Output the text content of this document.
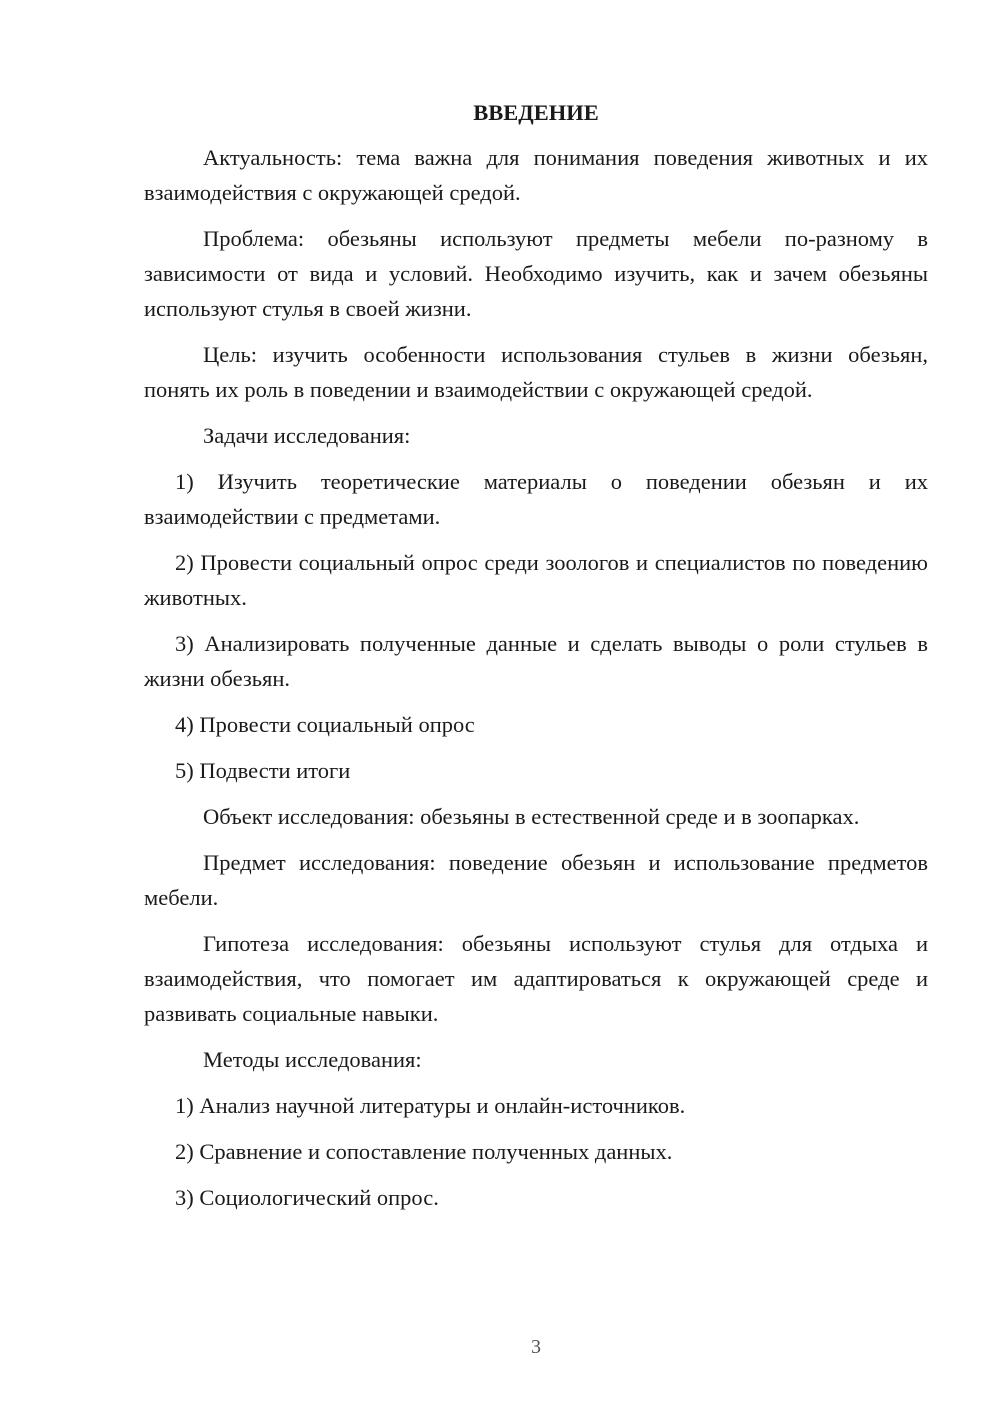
ВВЕДЕНИЕ

Актуальность: тема важна для понимания поведения животных и их взаимодействия с окружающей средой.

Проблема: обезьяны используют предметы мебели по-разному в зависимости от вида и условий. Необходимо изучить, как и зачем обезьяны используют стулья в своей жизни.

Цель: изучить особенности использования стульев в жизни обезьян, понять их роль в поведении и взаимодействии с окружающей средой.

Задачи исследования:

1) Изучить теоретические материалы о поведении обезьян и их взаимодействии с предметами.

2) Провести социальный опрос среди зоологов и специалистов по поведению животных.

3) Анализировать полученные данные и сделать выводы о роли стульев в жизни обезьян.

4) Провести социальный опрос

5) Подвести итоги

Объект исследования: обезьяны в естественной среде и в зоопарках.

Предмет исследования: поведение обезьян и использование предметов мебели.

Гипотеза исследования: обезьяны используют стулья для отдыха и взаимодействия, что помогает им адаптироваться к окружающей среде и развивать социальные навыки.

Методы исследования:

1) Анализ научной литературы и онлайн-источников.

2) Сравнение и сопоставление полученных данных.

3) Социологический опрос.

3
